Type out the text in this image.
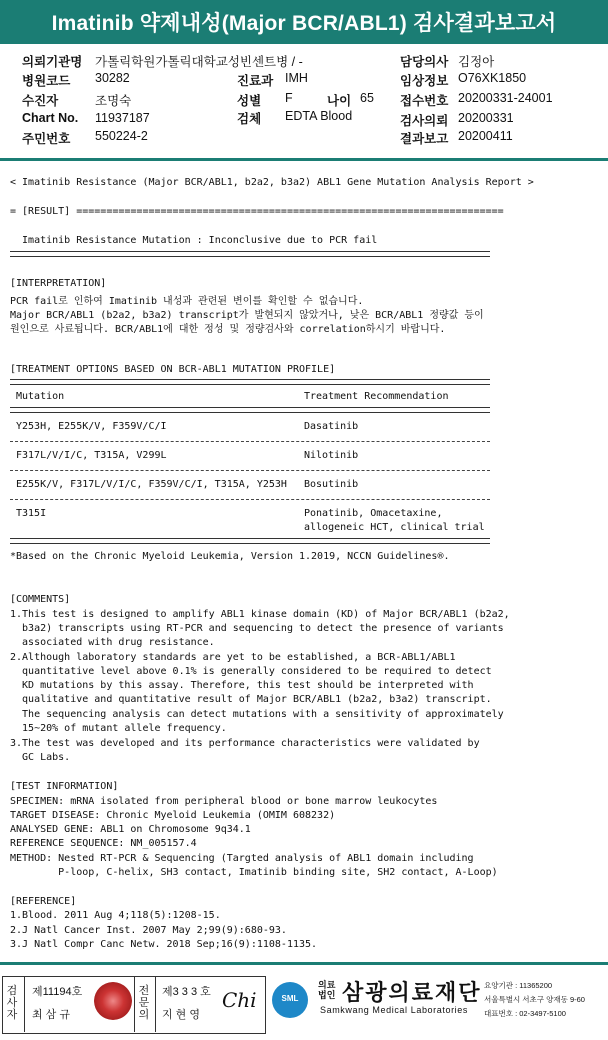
Imatinib 약제내성(Major BCR/ABL1) 검사결과보고서
의뢰기관명 가톨릭학원가톨릭대학교성빈센트병 / -	담당의사 김정아
병원코드 30282	진료과 IMH	임상정보 O76XK1850
수진자	조명숙	성별 F	나이 65 접수번호 20200331-24001
Chart No. 11937187	검체 EDTA Blood	검사의뢰 20200331
주민번호 550224-2	결과보고 20200411
< Imatinib Resistance (Major BCR/ABL1, b2a2, b3a2) ABL1 Gene Mutation Analysis Report >
= [RESULT] =======================================================================
Imatinib Resistance Mutation : Inconclusive due to PCR fail
[INTERPRETATION]
PCR fail로 인하여 Imatinib 내성과 관련된 변이를 확인할 수 없습니다.
Major BCR/ABL1 (b2a2, b3a2) transcript가 발현되지 않았거나, 낮은 BCR/ABL1 정량값 등이
원인으로 사료됩니다. BCR/ABL1에 대한 정성 및 정량검사와 correlation하시기 바랍니다.
[TREATMENT OPTIONS BASED ON BCR-ABL1 MUTATION PROFILE]
Mutation	Treatment Recommendation
Y253H, E255K/V, F359V/C/I	Dasatinib
F317L/V/I/C, T315A, V299L	Nilotinib
E255K/V, F317L/V/I/C, F359V/C/I, T315A, Y253H Bosutinib
T315I	Ponatinib, Omacetaxine,
allogeneic HCT, clinical trial
*Based on the Chronic Myeloid Leukemia, Version 1.2019, NCCN Guidelines®.
[COMMENTS]
1.This test is designed to amplify ABL1 kinase domain (KD) of Major BCR/ABL1 (b2a2,
b3a2) transcripts using RT-PCR and sequencing to detect the presence of variants
associated with drug resistance.
2.Although laboratory standards are yet to be established, a BCR-ABL1/ABL1
quantitative level above 0.1% is generally considered to be required to detect
KD mutations by this assay. Therefore, this test should be interpreted with
qualitative and quantitative result of Major BCR/ABL1 (b2a2, b3a2) transcript.
The sequencing analysis can detect mutations with a sensitivity of approximately
15~20% of mutant allele frequency.
3.The test was developed and its performance characteristics were validated by
GC Labs.
[TEST INFORMATION]
SPECIMEN: mRNA isolated from peripheral blood or bone marrow leukocytes
TARGET DISEASE: Chronic Myeloid Leukemia (OMIM 608232)
ANALYSED GENE: ABL1 on Chromosome 9q34.1
REFERENCE SEQUENCE: NM_005157.4
METHOD: Nested RT-PCR & Sequencing (Targted analysis of ABL1 domain including
P-loop, C-helix, SH3 contact, Imatinib binding site, SH2 contact, A-Loop)
[REFERENCE]
1.Blood. 2011 Aug 4;118(5):1208-15.
2.J Natl Cancer Inst. 2007 May 2;99(9):680-93.
3.J Natl Compr Canc Netw. 2018 Sep;16(9):1108-1135.
검사자
제11194호
최 삼 규
전문의
제3 3 3 호
지 현 영
Chi	SML
의료
법인 삼광의료재단
Samkwang Medical Laboratories
요양기관 : 11365200
서울특별시 서초구 양재동 9-60
대표번호 : 02-3497-5100
